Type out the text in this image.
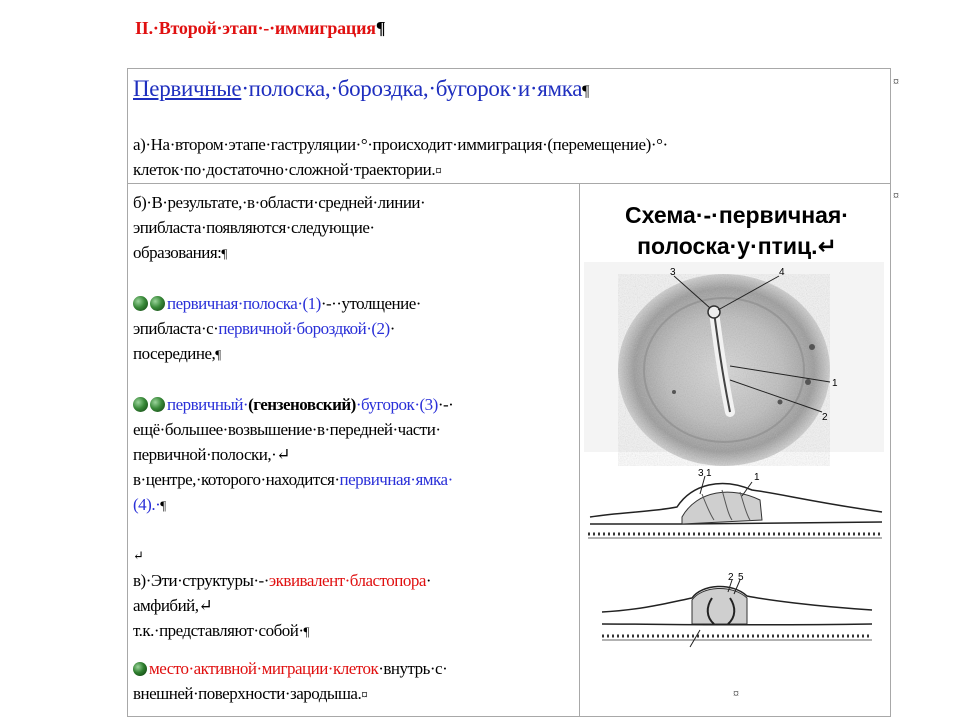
II.·Второй·этап·-·иммиграция¶
¤
¤
Первичные·полоска,·бороздка,·бугорок·и·ямка¶
а)·На·втором·этапе·гаструляции·°·происходит·иммиграция·(перемещение)·°·
клеток·по·достаточно·сложной·траектории.¤
б)·В·результате,·в·области·средней·линии·
эпибласта·появляются·следующие·
образования:¶
первичная·полоска·(1)·-··утолщение·
эпибласта·с·первичной·бороздкой·(2)·
посередине,¶
первичный·(гензеновский)·бугорок·(3)·-·
ещё·большее·возвышение·в·передней·части·
первичной·полоски,·↵
в·центре,·которого·находится·первичная·ямка·
(4).·¶
↵
в)·Эти·структуры·-·эквивалент·бластопора·
амфибий,↵
т.к.·представляют·собой·¶
место·активной·миграции·клеток·внутрь·с·
внешней·поверхности·зародыша.¤
Схема·-·первичная·
полоска·у·птиц.↵
3	4
1
2
3 1	1
2 5
¤
